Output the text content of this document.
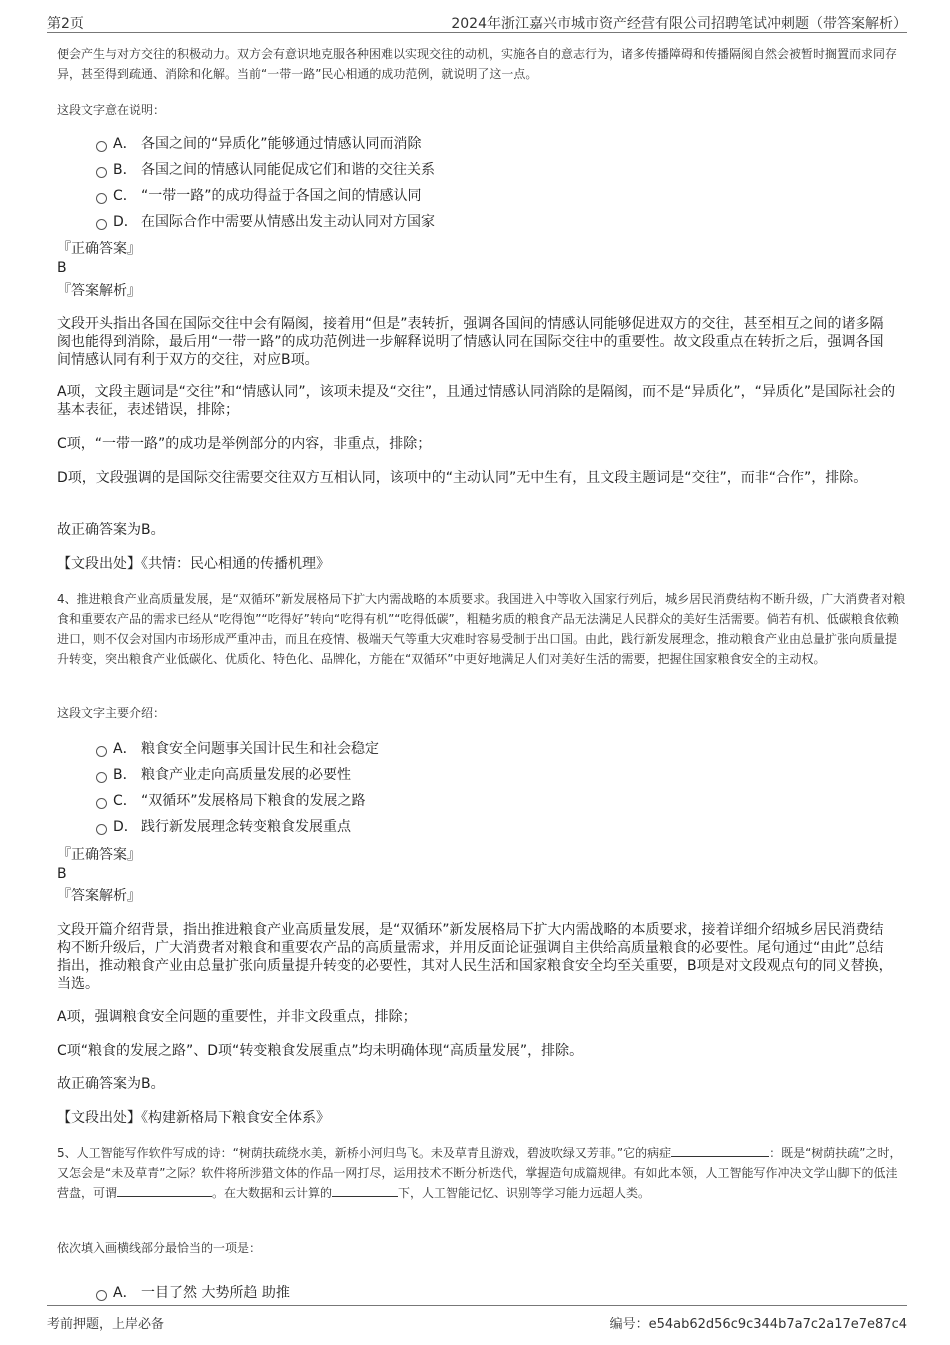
第2页	2024年浙江嘉兴市城市资产经营有限公司招聘笔试冲刺题（带答案解析）
便会产生与对方交往的积极动力。双方会有意识地克服各种困难以实现交往的动机，实施各自的意志行为，诸多传播障碍和传播隔阂自然会被暂时搁置而求同存异，甚至得到疏通、消除和化解。当前“一带一路”民心相通的成功范例，就说明了这一点。
这段文字意在说明：
A． 各国之间的“异质化”能够通过情感认同而消除
B． 各国之间的情感认同能促成它们和谐的交往关系
C． “一带一路”的成功得益于各国之间的情感认同
D． 在国际合作中需要从情感出发主动认同对方国家
『正确答案』
B
『答案解析』
文段开头指出各国在国际交往中会有隔阂，接着用“但是”表转折，强调各国间的情感认同能够促进双方的交往，甚至相互之间的诸多隔阂也能得到消除，最后用“一带一路”的成功范例进一步解释说明了情感认同在国际交往中的重要性。故文段重点在转折之后，强调各国间情感认同有利于双方的交往，对应B项。
A项，文段主题词是“交往”和“情感认同”，该项未提及“交往”，且通过情感认同消除的是隔阂，而不是“异质化”，“异质化”是国际社会的基本表征，表述错误，排除；
C项，“一带一路”的成功是举例部分的内容，非重点，排除；
D项，文段强调的是国际交往需要交往双方互相认同，该项中的“主动认同”无中生有，且文段主题词是“交往”，而非“合作”，排除。
故正确答案为B。
【文段出处】《共情：民心相通的传播机理》
4、推进粮食产业高质量发展，是“双循环”新发展格局下扩大内需战略的本质要求。我国进入中等收入国家行列后，城乡居民消费结构不断升级，广大消费者对粮食和重要农产品的需求已经从“吃得饱”“吃得好”转向“吃得有机”“吃得低碳”，粗糙劣质的粮食产品无法满足人民群众的美好生活需要。倘若有机、低碳粮食依赖进口，则不仅会对国内市场形成严重冲击，而且在疫情、极端天气等重大灾难时容易受制于出口国。由此，践行新发展理念，推动粮食产业由总量扩张向质量提升转变，突出粮食产业低碳化、优质化、特色化、品牌化，方能在“双循环”中更好地满足人们对美好生活的需要，把握住国家粮食安全的主动权。
这段文字主要介绍：
A． 粮食安全问题事关国计民生和社会稳定
B． 粮食产业走向高质量发展的必要性
C． “双循环”发展格局下粮食的发展之路
D． 践行新发展理念转变粮食发展重点
『正确答案』
B
『答案解析』
文段开篇介绍背景，指出推进粮食产业高质量发展，是“双循环”新发展格局下扩大内需战略的本质要求，接着详细介绍城乡居民消费结构不断升级后，广大消费者对粮食和重要农产品的高质量需求，并用反面论证强调自主供给高质量粮食的必要性。尾句通过“由此”总结指出，推动粮食产业由总量扩张向质量提升转变的必要性，其对人民生活和国家粮食安全均至关重要，B项是对文段观点句的同义替换，当选。
A项，强调粮食安全问题的重要性，并非文段重点，排除；
C项“粮食的发展之路”、D项“转变粮食发展重点”均未明确体现“高质量发展”，排除。
故正确答案为B。
【文段出处】《构建新格局下粮食安全体系》
5、人工智能写作软件写成的诗：“树荫扶疏绕水美，新桥小河归鸟飞。未及草青且游戏，碧波吹绿又芳菲。”它的病症	：既是“树荫扶疏”之时，又怎会是“未及草青”之际？软件将所涉猎文体的作品一网打尽，运用技术不断分析迭代，掌握造句成篇规律。有如此本领，人工智能写作冲决文学山脚下的低洼营盘，可谓	。在大数据和云计算的	下，人工智能记忆、识别等学习能力远超人类。
依次填入画横线部分最恰当的一项是：
A． 一目了然 大势所趋 助推
考前押题，上岸必备	编号：e54ab62d56c9c344b7a7c2a17e7e87c4
